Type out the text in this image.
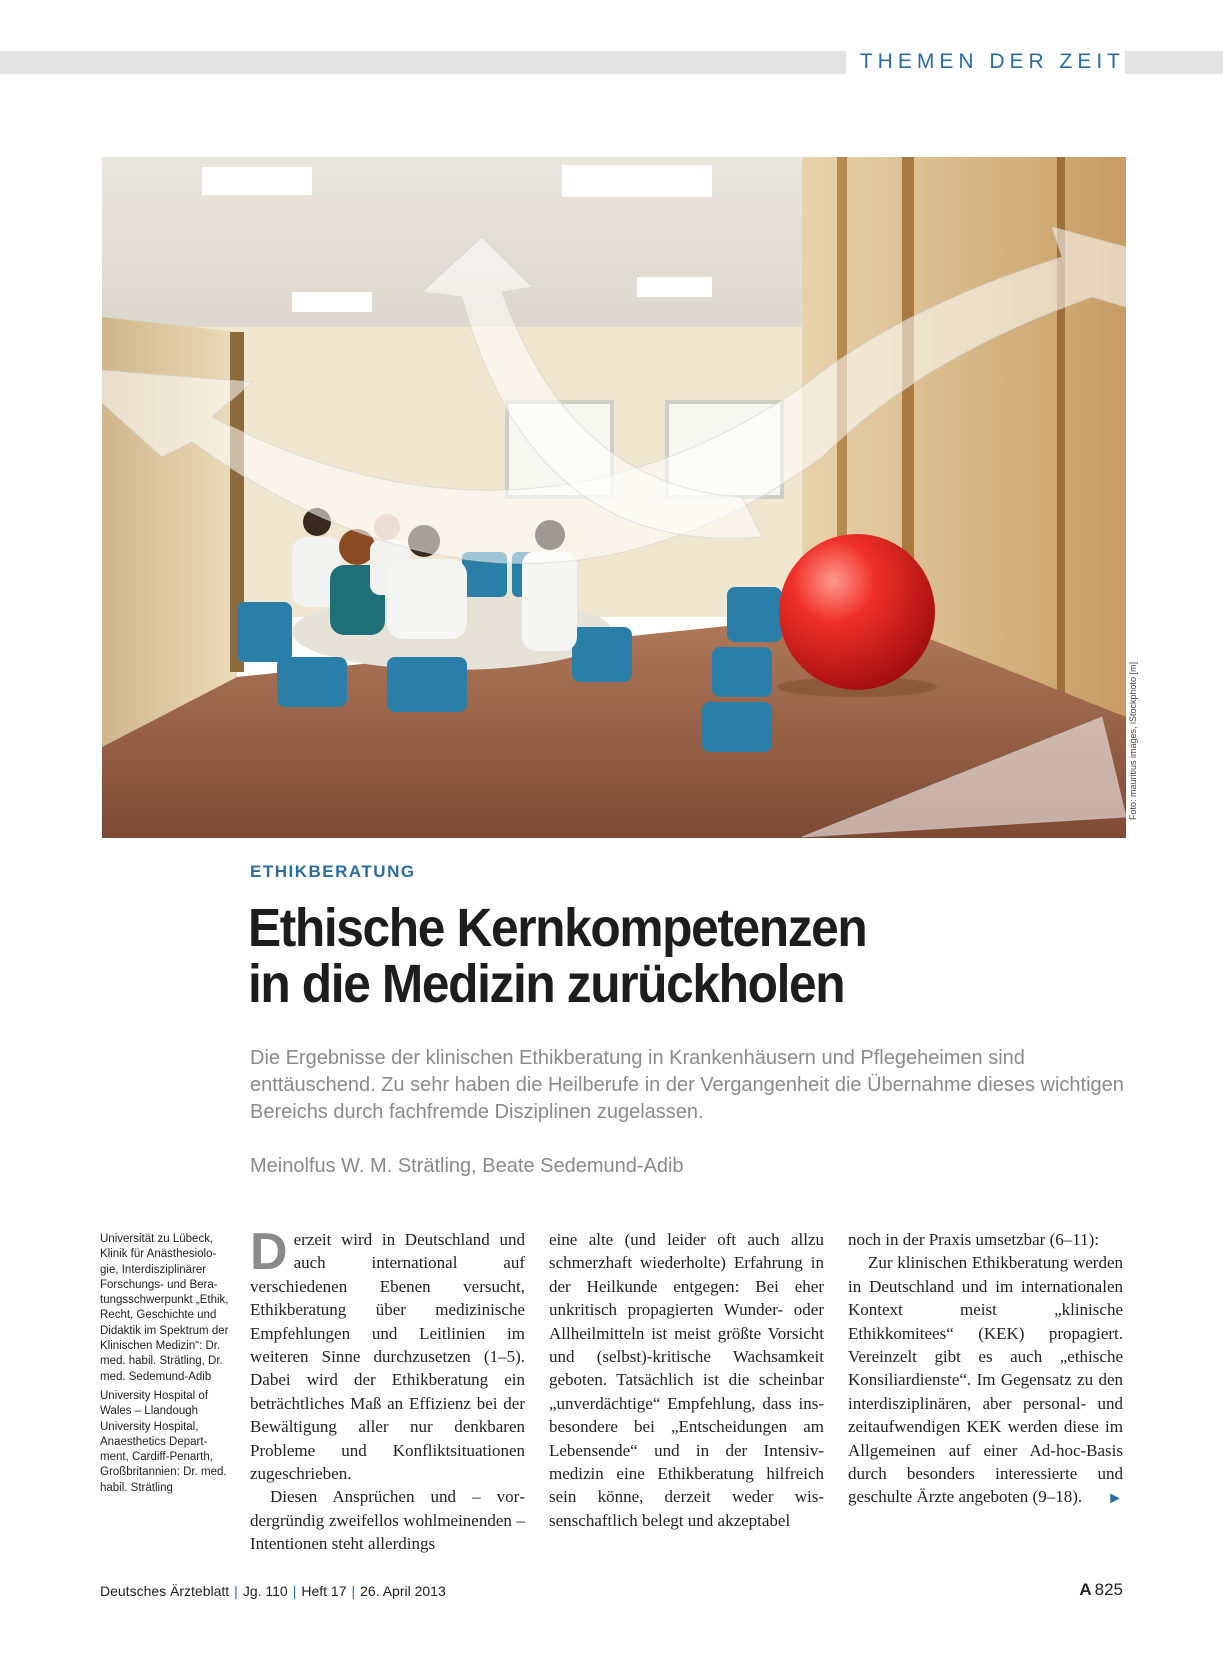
THEMEN DER ZEIT
Foto: mauritius images, iStockphoto [m]
ETHIKBERATUNG
Ethische Kernkompetenzen
in die Medizin zurückholen

Die Ergebnisse der klinischen Ethikberatung in Krankenhäusern und Pflegeheimen sind enttäuschend. Zu sehr haben die Heilberufe in der Vergangenheit die Übernahme dieses wichtigen Bereichs durch fachfremde Disziplinen zugelassen.

Meinolfus W. M. Strätling, Beate Sedemund-Adib

Universität zu Lübeck, Klinik für Anästhesiologie, Interdisziplinärer Forschungs- und Beratungsschwerpunkt „Ethik, Recht, Geschichte und Didaktik im Spektrum der Klinischen Medizin“: Dr. med. habil. Strätling, Dr. med. Sedemund-Adib

University Hospital of Wales – Llandough University Hospital, Anaesthetics Department, Cardiff-Penarth, Großbritannien: Dr. med. habil. Strätling

Derzeit wird in Deutschland und auch international auf verschiedenen Ebenen versucht, Ethikberatung über medizinische Empfehlungen und Leitlinien im weiteren Sinne durchzusetzen (1–5). Dabei wird der Ethikberatung ein beträchtliches Maß an Effizienz bei der Bewältigung aller nur denkbaren Probleme und Konfliktsituationen zugeschrieben.

Diesen Ansprüchen und – vordergründig zweifellos wohlmeinenden – Intentionen steht allerdings

eine alte (und leider oft auch allzu schmerzhaft wiederholte) Erfahrung in der Heilkunde entgegen: Bei eher unkritisch propagierten Wunder- oder Allheilmitteln ist meist größte Vorsicht und (selbst)-kritische Wachsamkeit geboten. Tatsächlich ist die scheinbar „unverdächtige“ Empfehlung, dass insbesondere bei „Entscheidungen am Lebensende“ und in der Intensivmedizin eine Ethikberatung hilfreich sein könne, derzeit weder wissenschaftlich belegt und akzeptabel

noch in der Praxis umsetzbar (6–11):

Zur klinischen Ethikberatung werden in Deutschland und im internationalen Kontext meist „klinische Ethikkomitees“ (KEK) propagiert. Vereinzelt gibt es auch „ethische Konsiliardienste“. Im Gegensatz zu den interdisziplinären, aber personal- und zeitaufwendigen KEK werden diese im Allgemeinen auf einer Ad-hoc-Basis durch besonders interessierte und geschulte Ärzte angeboten (9–18).	►
Deutsches Ärzteblatt | Jg. 110 | Heft 17 | 26. April 2013	A 825
